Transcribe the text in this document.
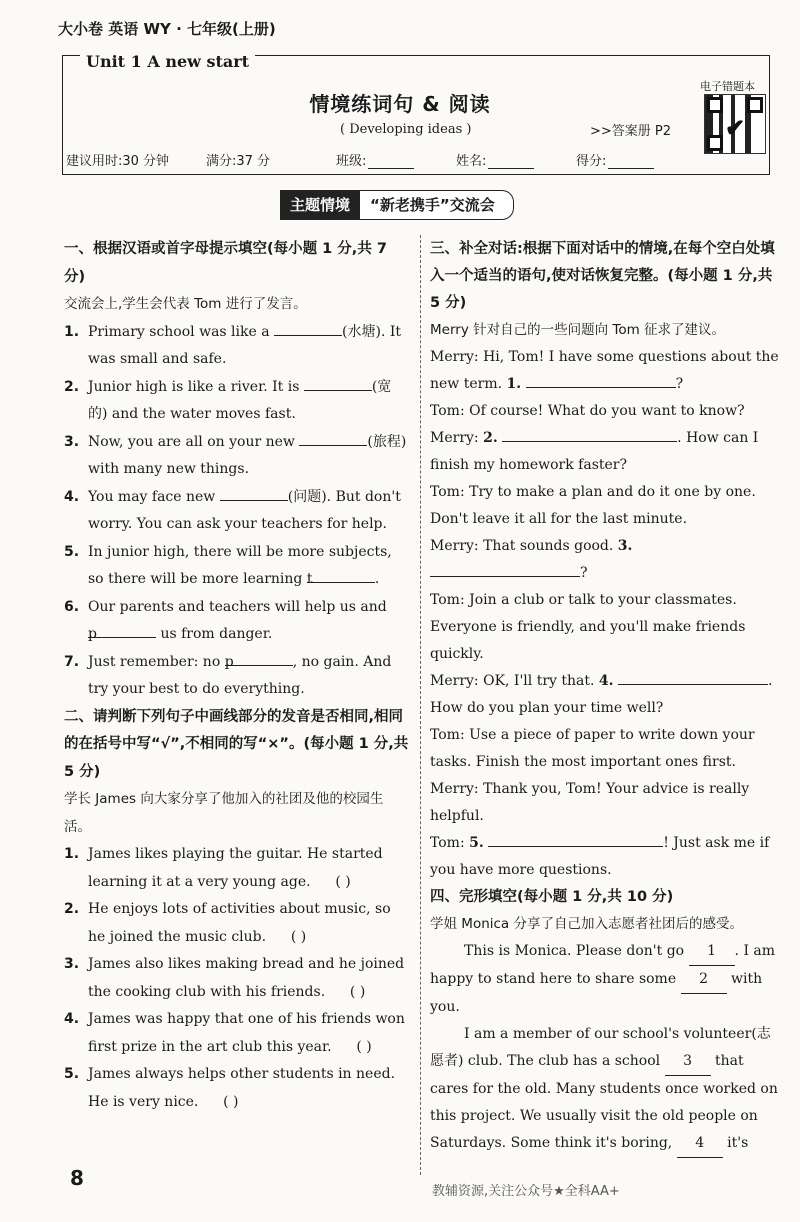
大小卷 英语 WY · 七年级(上册)
Unit 1 A new start
情境练词句 & 阅读
( Developing ideas )	>>答案册 P2
电子错题本
✔
建议用时:30 分钟	满分:37 分	班级:	姓名:	得分:
主题情境	“新老携手”交流会
一、根据汉语或首字母提示填空(每小题 1 分,共 7 分)
交流会上,学生会代表 Tom 进行了发言。
1. Primary school was like a	(水塘). It was small and safe.
2. Junior high is like a river. It is	(宽的) and the water moves fast.
3. Now, you are all on your new	(旅程) with many new things.
4. You may face new	(问题). But don't worry. You can ask your teachers for help.
5. In junior high, there will be more subjects, so there will be more learning t	.
6. Our parents and teachers will help us and p	us from danger.
7. Just remember: no p	, no gain. And try your best to do everything.
二、请判断下列句子中画线部分的发音是否相同,相同的在括号中写“√”,不相同的写“×”。(每小题 1 分,共 5 分)
学长 James 向大家分享了他加入的社团及他的校园生活。
1. James likes playing the guitar. He started learning it at a very young age. ( )
2. He enjoys lots of activities about music, so he joined the music club. ( )
3. James also likes making bread and he joined the cooking club with his friends. ( )
4. James was happy that one of his friends won first prize in the art club this year. ( )
5. James always helps other students in need. He is very nice. ( )
三、补全对话:根据下面对话中的情境,在每个空白处填入一个适当的语句,使对话恢复完整。(每小题 1 分,共 5 分)
Merry 针对自己的一些问题向 Tom 征求了建议。
Merry: Hi, Tom! I have some questions about the new term. 1.	?
Tom: Of course! What do you want to know?
Merry: 2.	. How can I finish my homework faster?
Tom: Try to make a plan and do it one by one. Don't leave it all for the last minute.
Merry: That sounds good. 3. ?
Tom: Join a club or talk to your classmates. Everyone is friendly, and you'll make friends quickly.
Merry: OK, I'll try that. 4.	. How do you plan your time well?
Tom: Use a piece of paper to write down your tasks. Finish the most important ones first.
Merry: Thank you, Tom! Your advice is really helpful.
Tom: 5.	! Just ask me if you have more questions.
四、完形填空(每小题 1 分,共 10 分)
学姐 Monica 分享了自己加入志愿者社团后的感受。
This is Monica. Please don't go 1 . I am happy to stand here to share some 2 with you.
I am a member of our school's volunteer(志愿者) club. The club has a school 3 that cares for the old. Many students once worked on this project. We usually visit the old people on Saturdays. Some think it's boring, 4 it's
8
教辅资源,关注公众号★全科AA+
